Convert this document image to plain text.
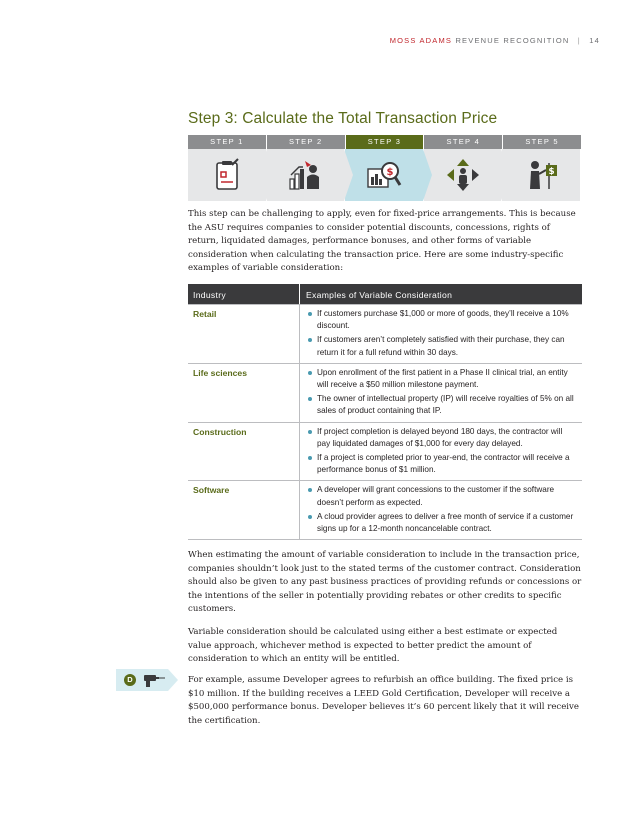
MOSS ADAMS REVENUE RECOGNITION | 14
Step 3: Calculate the Total Transaction Price
STEP 1	STEP 2	STEP 3	STEP 4	STEP 5
$	$

This step can be challenging to apply, even for fixed-price arrangements. This is because the ASU requires companies to consider potential discounts, concessions, rights of return, liquidated damages, performance bonuses, and other forms of variable consideration when calculating the transaction price. Here are some industry-specific examples of variable consideration:

Industry	Examples of Variable Consideration
Retail	If customers purchase $1,000 or more of goods, they’ll receive a 10% discount.
If customers aren’t completely satisfied with their purchase, they can return it for a full refund within 30 days.
Life sciences	Upon enrollment of the first patient in a Phase II clinical trial, an entity will receive a $50 million milestone payment.
The owner of intellectual property (IP) will receive royalties of 5% on all sales of product containing that IP.
Construction	If project completion is delayed beyond 180 days, the contractor will pay liquidated damages of $1,000 for every day delayed.
If a project is completed prior to year-end, the contractor will receive a performance bonus of $1 million.
Software	A developer will grant concessions to the customer if the software doesn’t perform as expected.
A cloud provider agrees to deliver a free month of service if a customer signs up for a 12-month noncancelable contract.

When estimating the amount of variable consideration to include in the transaction price, companies shouldn’t look just to the stated terms of the customer contract. Consideration should also be given to any past business practices of providing refunds or concessions or the intentions of the seller in potentially providing rebates or other credits to specific customers.

Variable consideration should be calculated using either a best estimate or expected value approach, whichever method is expected to better predict the amount of consideration to which an entity will be entitled.

D	For example, assume Developer agrees to refurbish an office building. The fixed price is $10 million. If the building receives a LEED Gold Certification, Developer will receive a $500,000 performance bonus. Developer believes it’s 60 percent likely that it will receive the certification.
